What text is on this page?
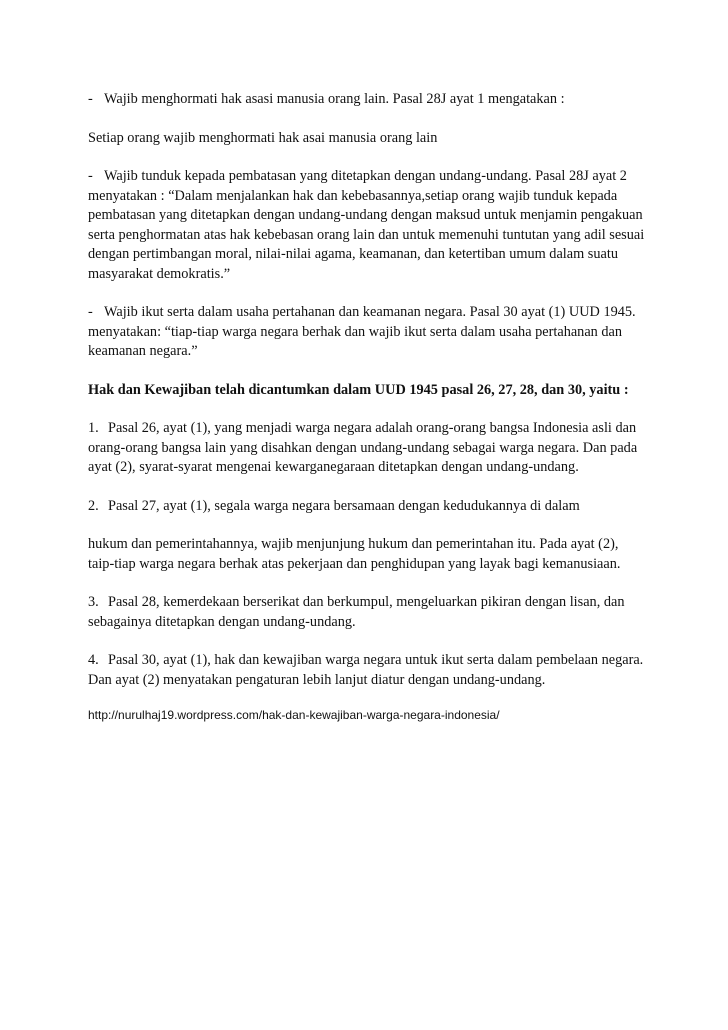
- Wajib menghormati hak asasi manusia orang lain. Pasal 28J ayat 1 mengatakan :

Setiap orang wajib menghormati hak asai manusia orang lain

- Wajib tunduk kepada pembatasan yang ditetapkan dengan undang-undang. Pasal 28J ayat 2 menyatakan : “Dalam menjalankan hak dan kebebasannya,setiap orang wajib tunduk kepada pembatasan yang ditetapkan dengan undang-undang dengan maksud untuk menjamin pengakuan serta penghormatan atas hak kebebasan orang lain dan untuk memenuhi tuntutan yang adil sesuai dengan pertimbangan moral, nilai-nilai agama, keamanan, dan ketertiban umum dalam suatu masyarakat demokratis.”

- Wajib ikut serta dalam usaha pertahanan dan keamanan negara. Pasal 30 ayat (1) UUD 1945. menyatakan: “tiap-tiap warga negara berhak dan wajib ikut serta dalam usaha pertahanan dan keamanan negara.”

Hak dan Kewajiban telah dicantumkan dalam UUD 1945 pasal 26, 27, 28, dan 30, yaitu :

1. Pasal 26, ayat (1), yang menjadi warga negara adalah orang-orang bangsa Indonesia asli dan orang-orang bangsa lain yang disahkan dengan undang-undang sebagai warga negara. Dan pada ayat (2), syarat-syarat mengenai kewarganegaraan ditetapkan dengan undang-undang.

2. Pasal 27, ayat (1), segala warga negara bersamaan dengan kedudukannya di dalam

hukum dan pemerintahannya, wajib menjunjung hukum dan pemerintahan itu. Pada ayat (2), taip-tiap warga negara berhak atas pekerjaan dan penghidupan yang layak bagi kemanusiaan.

3. Pasal 28, kemerdekaan berserikat dan berkumpul, mengeluarkan pikiran dengan lisan, dan sebagainya ditetapkan dengan undang-undang.

4. Pasal 30, ayat (1), hak dan kewajiban warga negara untuk ikut serta dalam pembelaan negara. Dan ayat (2) menyatakan pengaturan lebih lanjut diatur dengan undang-undang.

http://nurulhaj19.wordpress.com/hak-dan-kewajiban-warga-negara-indonesia/
